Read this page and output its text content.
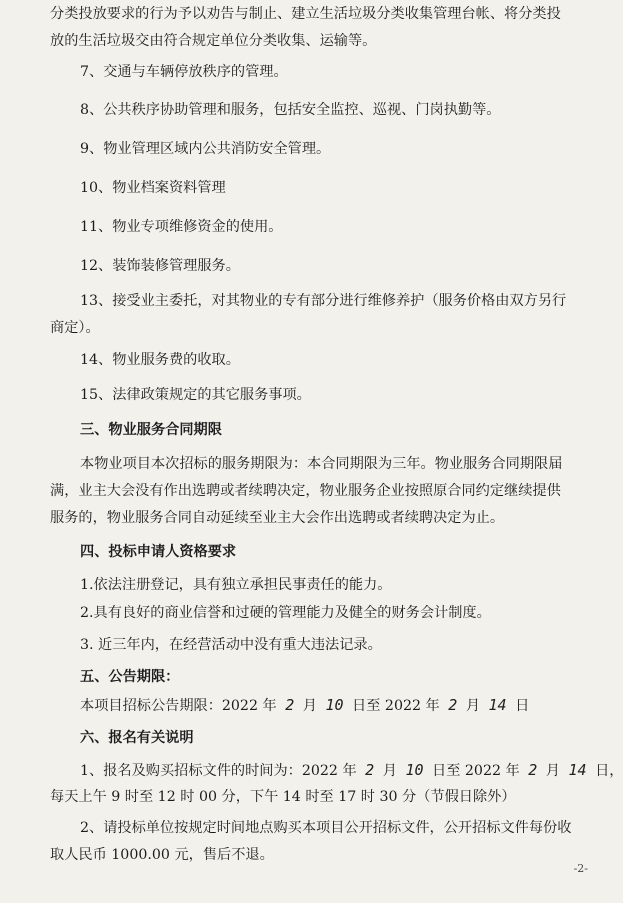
分类投放要求的行为予以劝告与制止、建立生活垃圾分类收集管理台帐、将分类投
放的生活垃圾交由符合规定单位分类收集、运输等。
7、交通与车辆停放秩序的管理。
8、公共秩序协助管理和服务，包括安全监控、巡视、门岗执勤等。
9、物业管理区域内公共消防安全管理。
10、物业档案资料管理
11、物业专项维修资金的使用。
12、装饰装修管理服务。
13、接受业主委托，对其物业的专有部分进行维修养护（服务价格由双方另行
商定）。
14、物业服务费的收取。
15、法律政策规定的其它服务事项。
三、物业服务合同期限
本物业项目本次招标的服务期限为：本合同期限为三年。物业服务合同期限届
满，业主大会没有作出选聘或者续聘决定，物业服务企业按照原合同约定继续提供
服务的，物业服务合同自动延续至业主大会作出选聘或者续聘决定为止。
四、投标申请人资格要求
1.依法注册登记，具有独立承担民事责任的能力。
2.具有良好的商业信誉和过硬的管理能力及健全的财务会计制度。
3. 近三年内，在经营活动中没有重大违法记录。
五、公告期限：
本项目招标公告期限：2022 年 2 月 10 日至 2022 年 2 月 14 日
六、报名有关说明
1、报名及购买招标文件的时间为：2022 年 2 月 10 日至 2022 年 2 月 14 日，
每天上午 9 时至 12 时 00 分，下午 14 时至 17 时 30 分（节假日除外）
2、请投标单位按规定时间地点购买本项目公开招标文件，公开招标文件每份收
取人民币 1000.00 元，售后不退。
-2-
